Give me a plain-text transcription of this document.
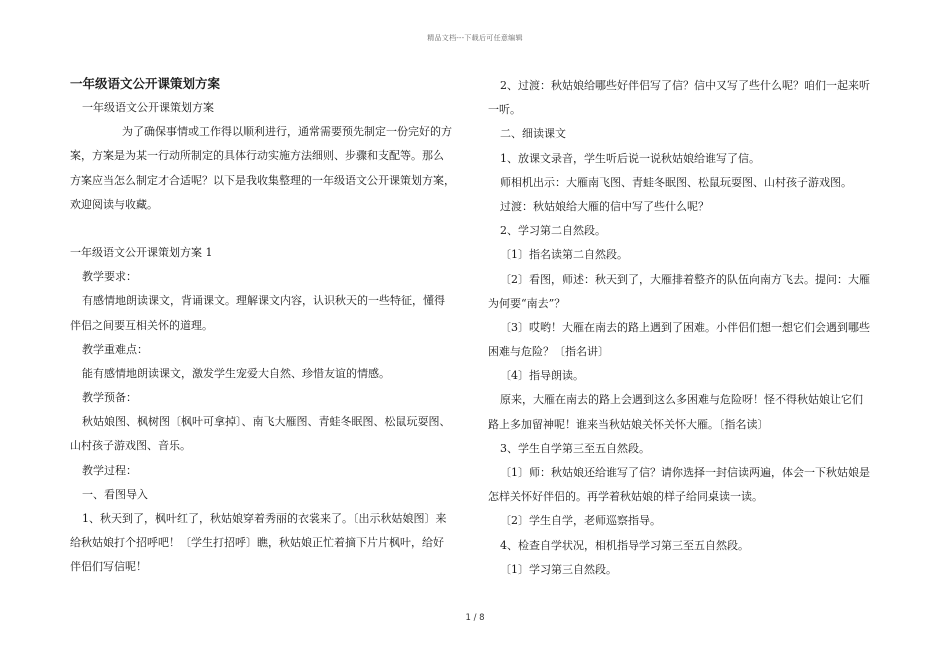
精品文档---下载后可任意编辑
一年级语文公开课策划方案
一年级语文公开课策划方案
为了确保事情或工作得以顺利进行，通常需要预先制定一份完好的方
案，方案是为某一行动所制定的具体行动实施方法细则、步骤和支配等。那么
方案应当怎么制定才合适呢？以下是我收集整理的一年级语文公开课策划方案，
欢迎阅读与收藏。
一年级语文公开课策划方案 1
教学要求：
有感情地朗读课文，背诵课文。理解课文内容，认识秋天的一些特征，懂得
伴侣之间要互相关怀的道理。
教学重难点：
能有感情地朗读课文，激发学生宠爱大自然、珍惜友谊的情感。
教学预备：
秋姑娘图、枫树图〔枫叶可拿掉〕、南飞大雁图、青蛙冬眠图、松鼠玩耍图、
山村孩子游戏图、音乐。
教学过程：
一、看图导入
1、秋天到了，枫叶红了，秋姑娘穿着秀丽的衣裳来了。〔出示秋姑娘图〕来
给秋姑娘打个招呼吧！〔学生打招呼〕瞧，秋姑娘正忙着摘下片片枫叶，给好
伴侣们写信呢！
2、过渡：秋姑娘给哪些好伴侣写了信？信中又写了些什么呢？咱们一起来听
一听。
二、细读课文
1、放课文录音，学生听后说一说秋姑娘给谁写了信。
师相机出示：大雁南飞图、青蛙冬眠图、松鼠玩耍图、山村孩子游戏图。
过渡：秋姑娘给大雁的信中写了些什么呢？
2、学习第二自然段。
〔1〕指名读第二自然段。
〔2〕看图，师述：秋天到了，大雁排着整齐的队伍向南方飞去。提问：大雁
为何要“南去”？
〔3〕哎哟！大雁在南去的路上遇到了困难。小伴侣们想一想它们会遇到哪些
困难与危险？〔指名讲〕
〔4〕指导朗读。
原来，大雁在南去的路上会遇到这么多困难与危险呀！怪不得秋姑娘让它们
路上多加留神呢！谁来当秋姑娘关怀关怀大雁。〔指名读〕
3、学生自学第三至五自然段。
〔1〕师：秋姑娘还给谁写了信？请你选择一封信读两遍，体会一下秋姑娘是
怎样关怀好伴侣的。再学着秋姑娘的样子给同桌读一读。
〔2〕学生自学，老师巡察指导。
4、检查自学状况，相机指导学习第三至五自然段。
〔1〕学习第三自然段。
1 / 8
